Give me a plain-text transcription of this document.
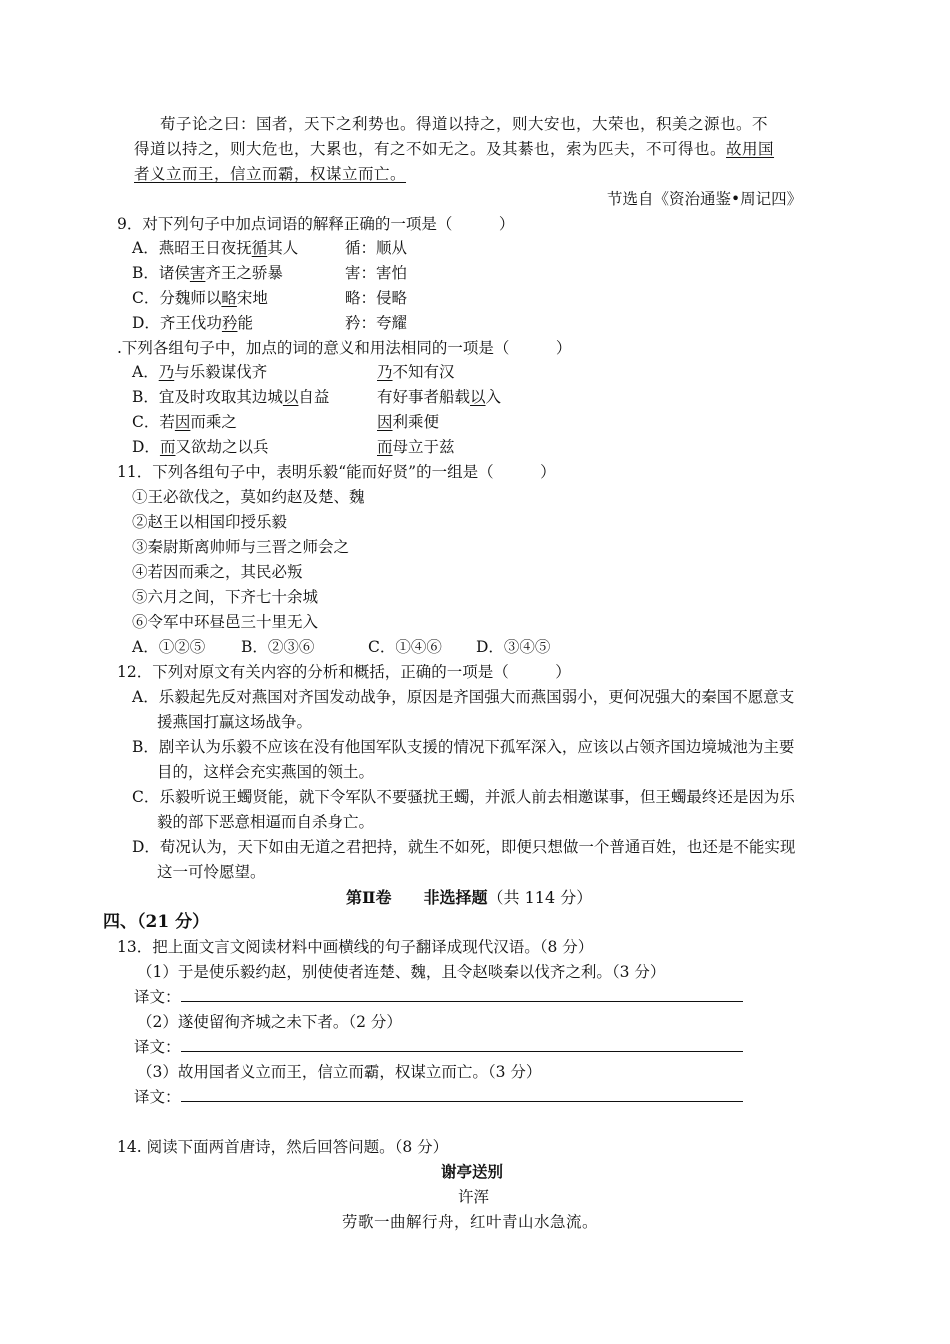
荀子论之曰：国者，天下之利势也。得道以持之，则大安也，大荣也，积美之源也。不
得道以持之，则大危也，大累也，有之不如无之。及其綦也，索为匹夫，不可得也。故用国
者义立而王，信立而霸，权谋立而亡。
节选自《资治通鉴•周记四》
9．对下列句子中加点词语的解释正确的一项是（　　　）
A．燕昭王日夜抚循其人	循：顺从
B．诸侯害齐王之骄暴	害：害怕
C．分魏师以略宋地	略：侵略
D．齐王伐功矜能	矜：夸耀
.下列各组句子中，加点的词的意义和用法相同的一项是（　　　）
A．乃与乐毅谋伐齐	乃不知有汉
B．宜及时攻取其边城以自益	有好事者船载以入
C．若因而乘之	因利乘便
D．而又欲劫之以兵	而母立于兹
11．下列各组句子中，表明乐毅“能而好贤”的一组是（　　　）
①王必欲伐之，莫如约赵及楚、魏
②赵王以相国印授乐毅
③秦尉斯离帅师与三晋之师会之
④若因而乘之，其民必叛
⑤六月之间，下齐七十余城
⑥令军中环昼邑三十里无入
A．①②⑤ B．②③⑥	C．①④⑥ D．③④⑤
12．下列对原文有关内容的分析和概括，正确的一项是（　　　）
A．乐毅起先反对燕国对齐国发动战争，原因是齐国强大而燕国弱小，更何况强大的秦国不愿意支
援燕国打赢这场战争。
B．剧辛认为乐毅不应该在没有他国军队支援的情况下孤军深入，应该以占领齐国边境城池为主要
目的，这样会充实燕国的领土。
C．乐毅听说王蠋贤能，就下令军队不要骚扰王蠋，并派人前去相邀谋事，但王蠋最终还是因为乐
毅的部下恶意相逼而自杀身亡。
D．荀况认为，天下如由无道之君把持，就生不如死，即便只想做一个普通百姓，也还是不能实现
这一可怜愿望。
第Ⅱ卷　　非选择题（共 114 分）
四、（21 分）
13．把上面文言文阅读材料中画横线的句子翻译成现代汉语。（8 分）
（1）于是使乐毅约赵，别使使者连楚、魏，且令赵啖秦以伐齐之利。（3 分）
译文：
（2）遂使留徇齐城之未下者。（2 分）
译文：
（3）故用国者义立而王，信立而霸，权谋立而亡。（3 分）
译文：
14. 阅读下面两首唐诗，然后回答问题。（8 分）
谢亭送别
许浑
劳歌一曲解行舟，红叶青山水急流。
